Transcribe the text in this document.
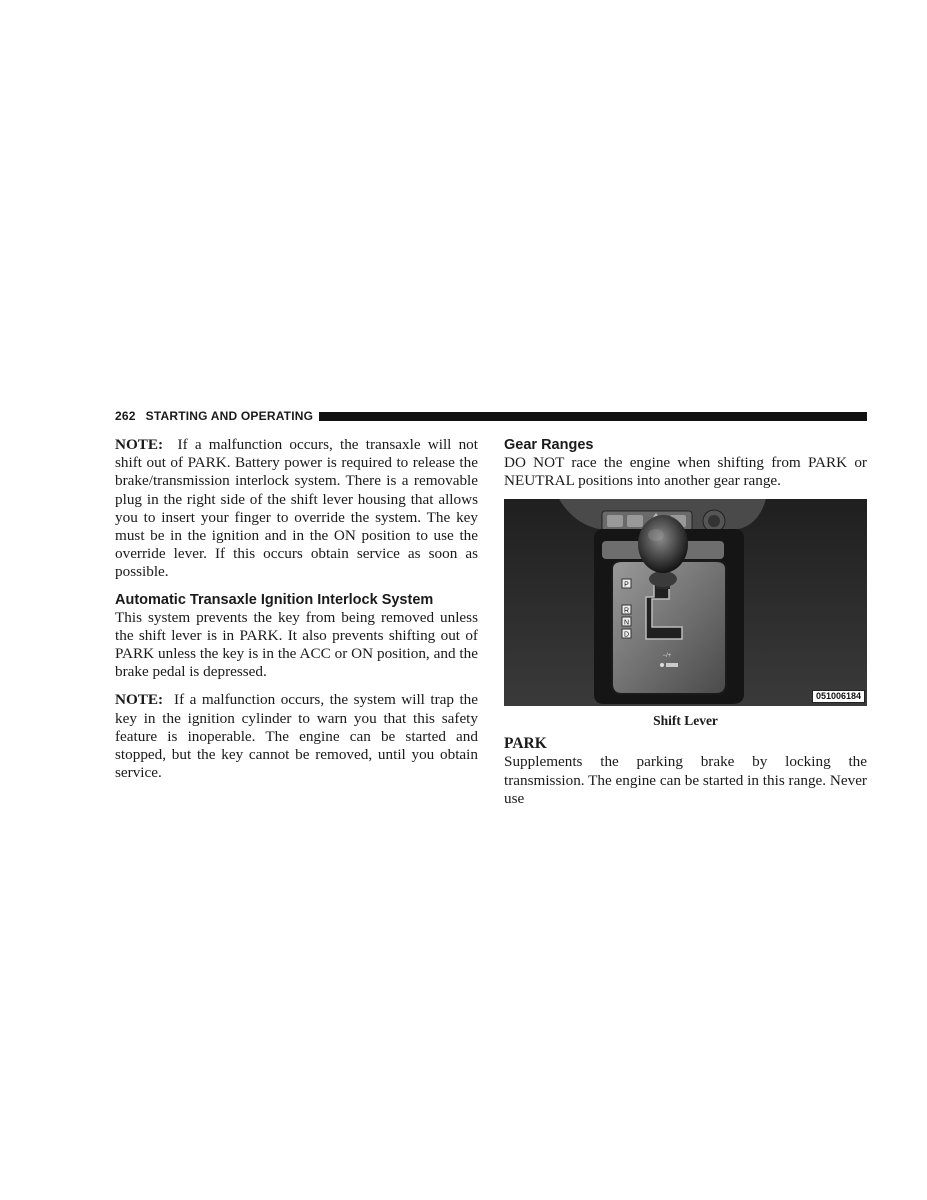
262 STARTING AND OPERATING

NOTE: If a malfunction occurs, the transaxle will not shift out of PARK. Battery power is required to release the brake/transmission interlock system. There is a removable plug in the right side of the shift lever housing that allows you to insert your finger to override the system. The key must be in the ignition and in the ON position to use the override lever. If this occurs obtain service as soon as possible.

Automatic Transaxle Ignition Interlock System

This system prevents the key from being removed unless the shift lever is in PARK. It also prevents shifting out of PARK unless the key is in the ACC or ON position, and the brake pedal is depressed.

NOTE: If a malfunction occurs, the system will trap the key in the ignition cylinder to warn you that this safety feature is inoperable. The engine can be started and stopped, but the key cannot be removed, until you obtain service.

Gear Ranges

DO NOT race the engine when shifting from PARK or NEUTRAL positions into another gear range.

P
R
N
D
−/+
051006184
Shift Lever
PARK

Supplements the parking brake by locking the transmission. The engine can be started in this range. Never use
